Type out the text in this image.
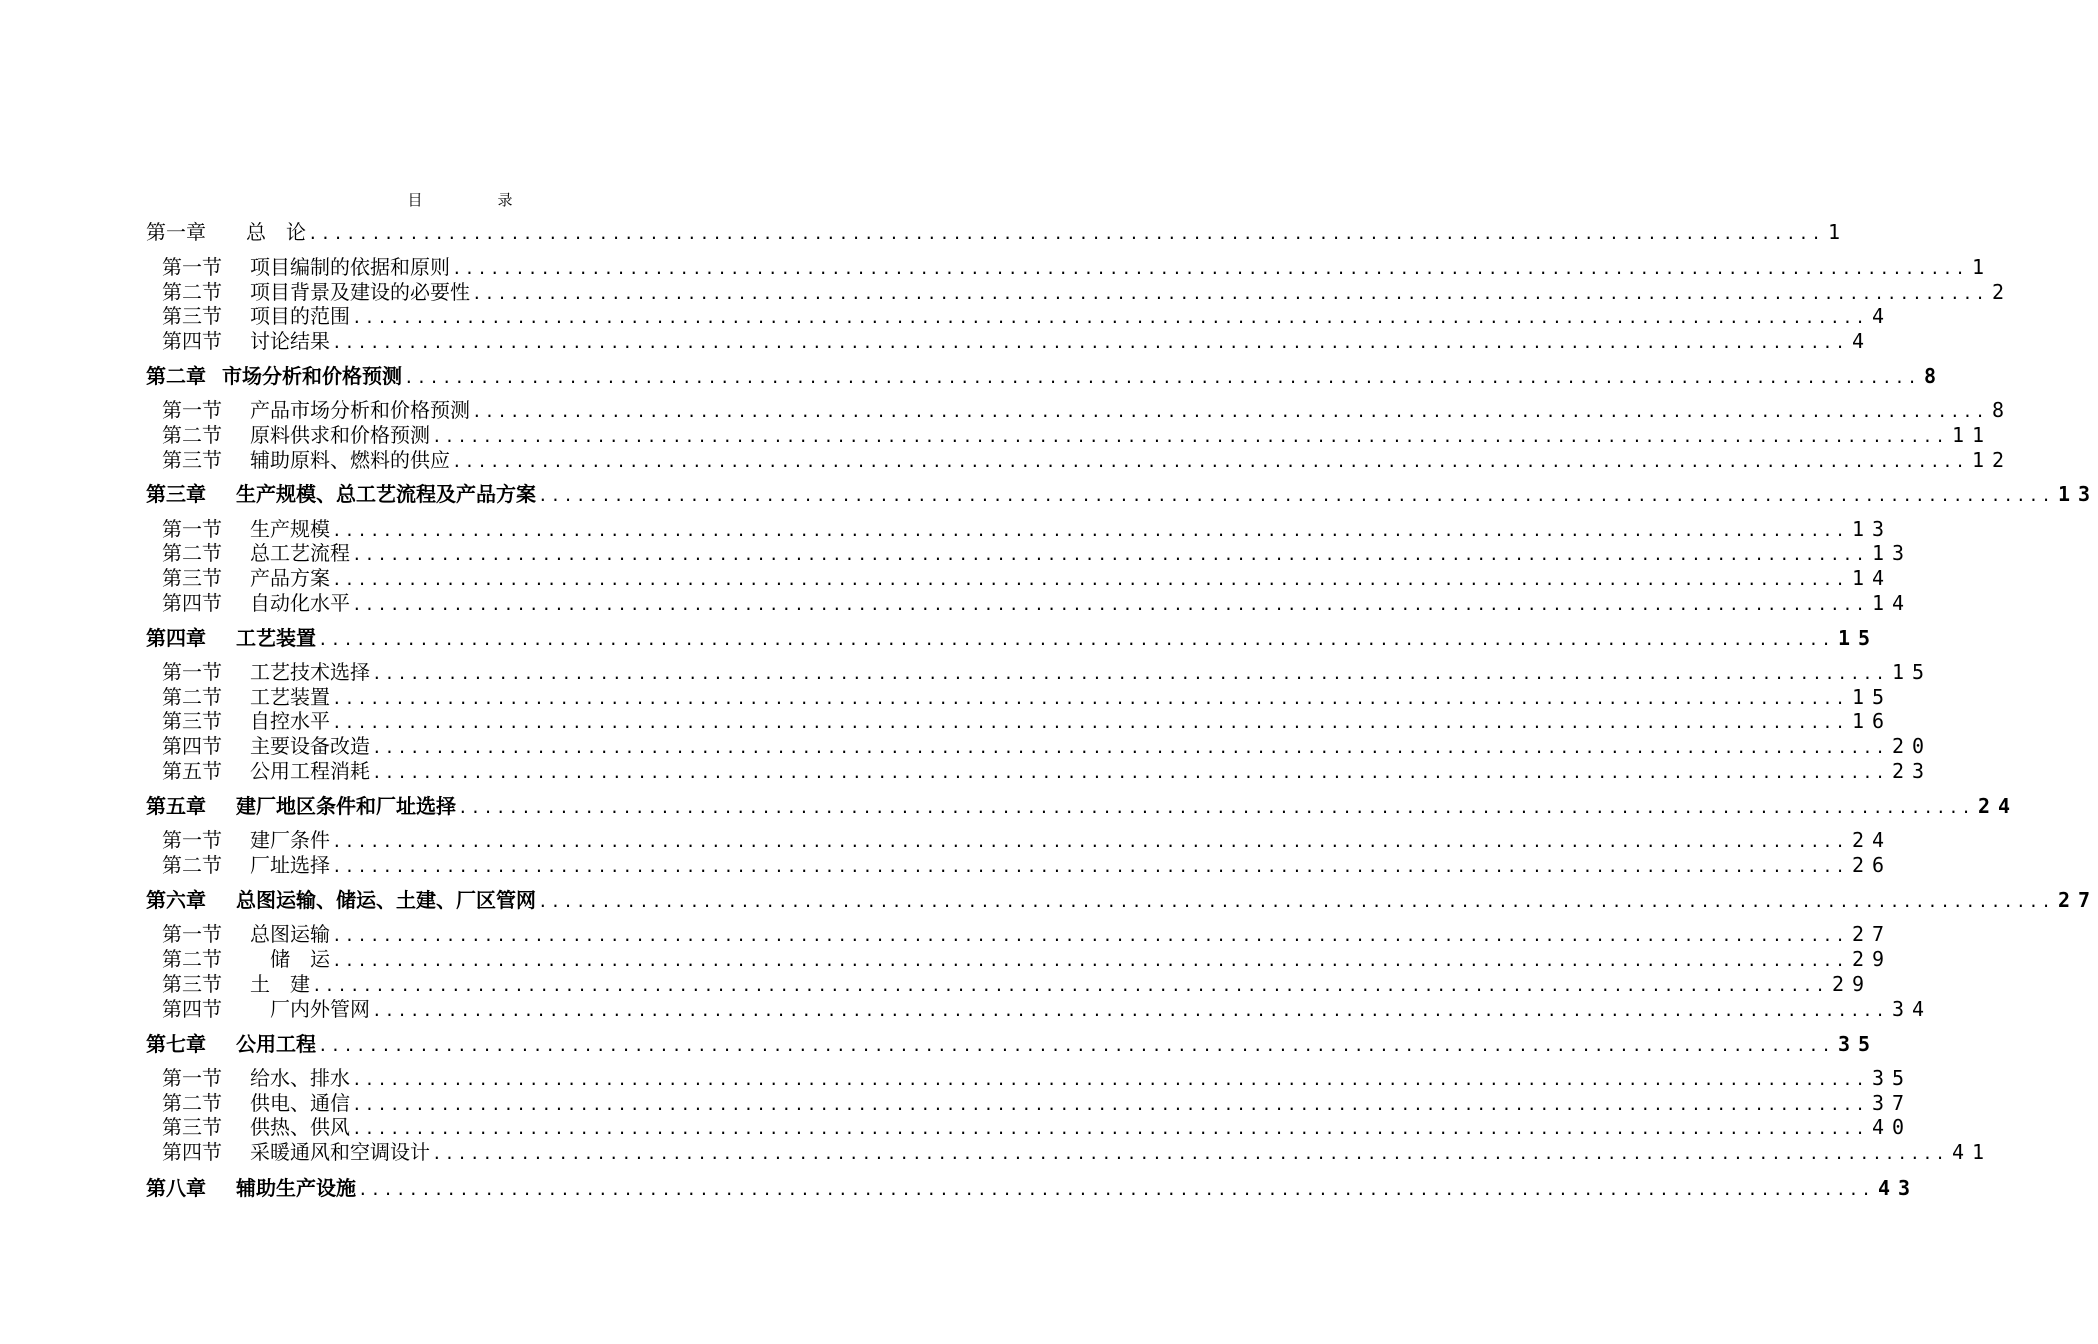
目　录
第一章	总　论 ........................................................................................................................ 1
第一节	项目编制的依据和原则 ........................................................................................................................ 1
第二节	项目背景及建设的必要性 ........................................................................................................................ 2
第三节	项目的范围 ........................................................................................................................ 4
第四节	讨论结果 ........................................................................................................................ 4
第二章 市场分析和价格预测 ........................................................................................................................ 8
第一节	产品市场分析和价格预测 ........................................................................................................................ 8
第二节	原料供求和价格预测 ........................................................................................................................ 11
第三节	辅助原料、燃料的供应 ........................................................................................................................ 12
第三章	生产规模、总工艺流程及产品方案 ........................................................................................................................ 13
第一节	生产规模 ........................................................................................................................ 13
第二节	总工艺流程 ........................................................................................................................ 13
第三节	产品方案 ........................................................................................................................ 14
第四节	自动化水平 ........................................................................................................................ 14
第四章	工艺装置 ........................................................................................................................ 15
第一节	工艺技术选择 ........................................................................................................................ 15
第二节	工艺装置 ........................................................................................................................ 15
第三节	自控水平 ........................................................................................................................ 16
第四节	主要设备改造 ........................................................................................................................ 20
第五节	公用工程消耗 ........................................................................................................................ 23
第五章	建厂地区条件和厂址选择 ........................................................................................................................ 24
第一节	建厂条件 ........................................................................................................................ 24
第二节	厂址选择 ........................................................................................................................ 26
第六章	总图运输、储运、土建、厂区管网 ........................................................................................................................ 27
第一节	总图运输 ........................................................................................................................ 27
第二节	　储　运 ........................................................................................................................ 29
第三节	土　建 ........................................................................................................................ 29
第四节	　厂内外管网 ........................................................................................................................ 34
第七章	公用工程 ........................................................................................................................ 35
第一节	给水、排水 ........................................................................................................................ 35
第二节	供电、通信 ........................................................................................................................ 37
第三节	供热、供风 ........................................................................................................................ 40
第四节	采暖通风和空调设计 ........................................................................................................................ 41
第八章	辅助生产设施 ........................................................................................................................ 43
